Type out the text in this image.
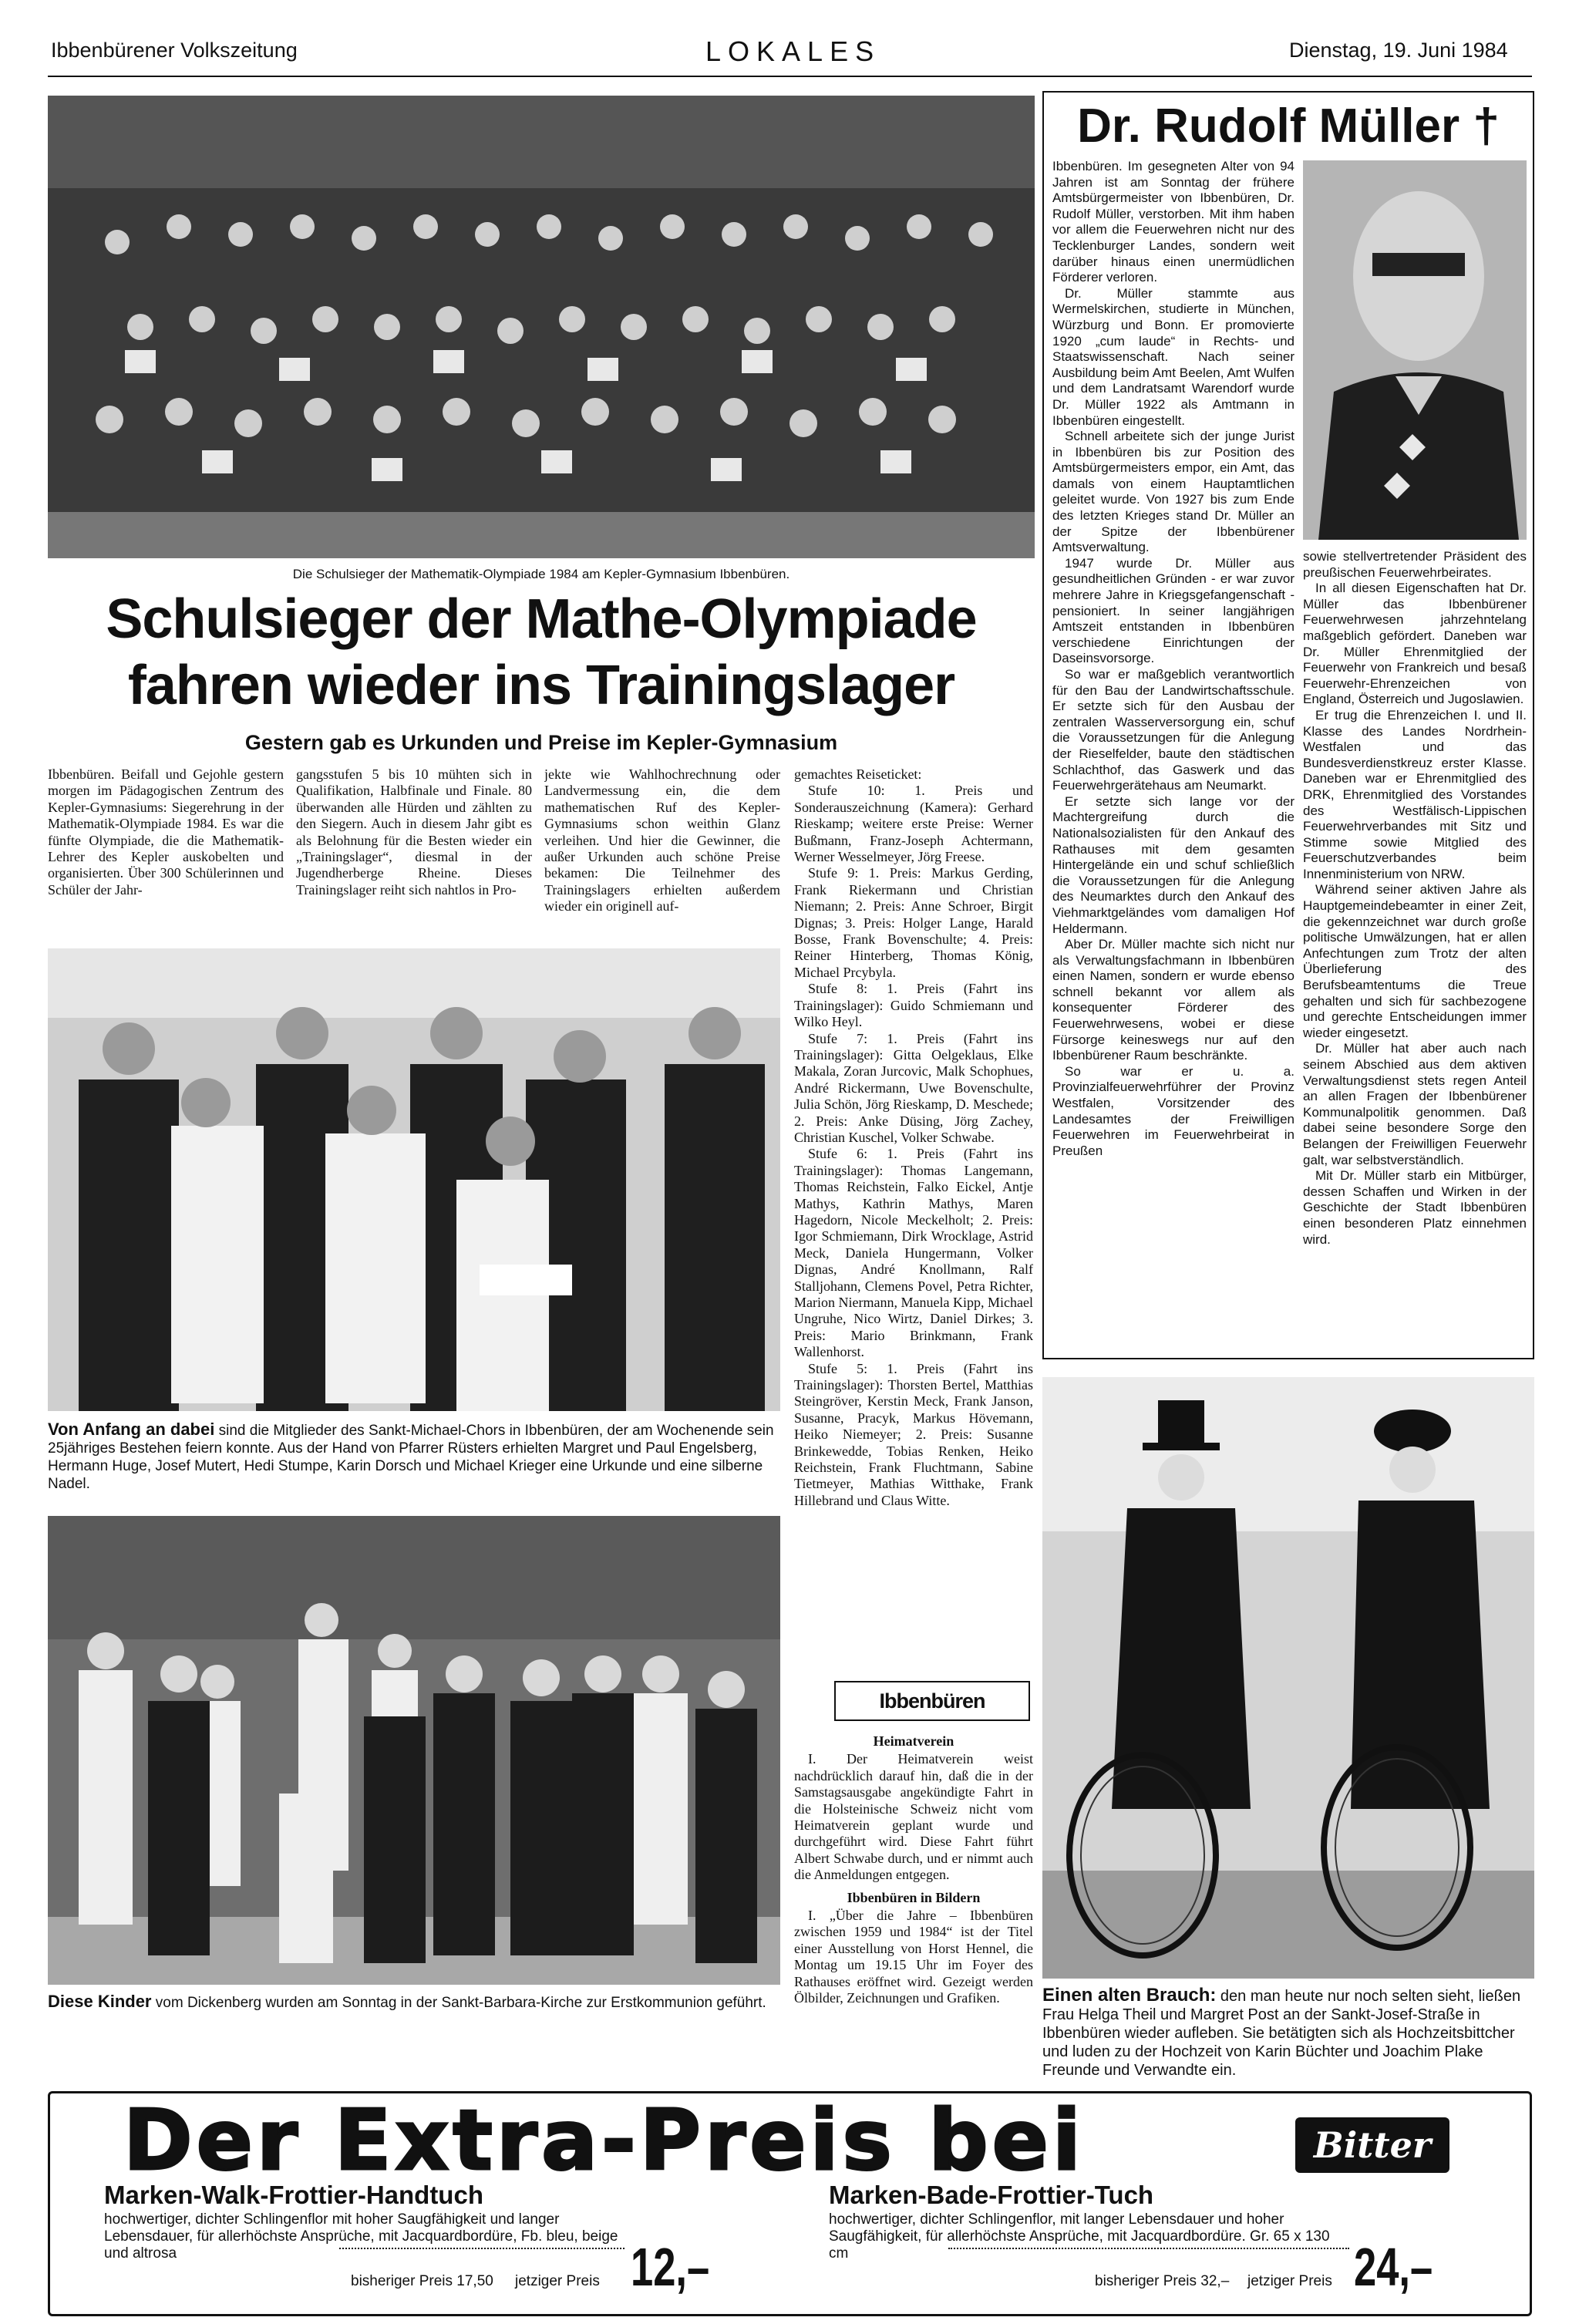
Ibbenbürener Volkszeitung	LOKALES	Dienstag, 19. Juni 1984
Die Schulsieger der Mathematik-Olympiade 1984 am Kepler-Gymnasium Ibbenbüren.
Schulsieger der Mathe-Olympiade
fahren wieder ins Trainingslager
Gestern gab es Urkunden und Preise im Kepler-Gymnasium
Ibbenbüren. Beifall und Gejohle gestern morgen im Pädagogischen Zentrum des Kepler-Gymnasiums: Siegerehrung in der Mathematik-Olympiade 1984. Es war die fünfte Olympiade, die die Mathematik-Lehrer des Kepler auskobelten und organisierten. Über 300 Schülerinnen und Schüler der Jahr-
gangsstufen 5 bis 10 mühten sich in Qualifikation, Halbfinale und Finale. 80 überwanden alle Hürden und zählten zu den Siegern. Auch in diesem Jahr gibt es als Belohnung für die Besten wieder ein „Trainingslager“, diesmal in der Jugendherberge Rheine. Dieses Trainingslager reiht sich nahtlos in Pro-
jekte wie Wahlhochrechnung oder Landvermessung ein, die dem mathematischen Ruf des Kepler-Gymnasiums schon weithin Glanz verleihen. Und hier die Gewinner, die außer Urkunden auch schöne Preise bekamen: Die Teilnehmer des Trainingslagers erhielten außerdem wieder ein originell auf-
Von Anfang an dabei sind die Mitglieder des Sankt-Michael-Chors in Ibbenbüren, der am Wochenende sein 25jähriges Bestehen feiern konnte. Aus der Hand von Pfarrer Rüsters erhielten Margret und Paul Engelsberg, Hermann Huge, Josef Mutert, Hedi Stumpe, Karin Dorsch und Michael Krieger eine Urkunde und eine silberne Nadel.
Diese Kinder vom Dickenberg wurden am Sonntag in der Sankt-Barbara-Kirche zur Erstkommunion geführt.

gemachtes Reiseticket:

Stufe 10: 1. Preis und Sonderauszeichnung (Kamera): Gerhard Rieskamp; weitere erste Preise: Werner Bußmann, Franz-Joseph Achtermann, Werner Wesselmeyer, Jörg Freese.

Stufe 9: 1. Preis: Markus Gerding, Frank Riekermann und Christian Niemann; 2. Preis: Anne Schroer, Birgit Dignas; 3. Preis: Holger Lange, Harald Bosse, Frank Bovenschulte; 4. Preis: Reiner Hinterberg, Thomas König, Michael Prcybyla.

Stufe 8: 1. Preis (Fahrt ins Trainingslager): Guido Schmiemann und Wilko Heyl.

Stufe 7: 1. Preis (Fahrt ins Trainingslager): Gitta Oelgeklaus, Elke Makala, Zoran Jurcovic, Malk Schophues, André Rickermann, Uwe Bovenschulte, Julia Schön, Jörg Rieskamp, D. Meschede; 2. Preis: Anke Düsing, Jörg Zachey, Christian Kuschel, Volker Schwabe.

Stufe 6: 1. Preis (Fahrt ins Trainingslager): Thomas Langemann, Thomas Reichstein, Falko Eickel, Antje Mathys, Kathrin Mathys, Maren Hagedorn, Nicole Meckelholt; 2. Preis: Igor Schmiemann, Dirk Wrocklage, Astrid Meck, Daniela Hungermann, Volker Dignas, André Knollmann, Ralf Stalljohann, Clemens Povel, Petra Richter, Marion Niermann, Manuela Kipp, Michael Ungruhe, Nico Wirtz, Daniel Dirkes; 3. Preis: Mario Brinkmann, Frank Wallenhorst.

Stufe 5: 1. Preis (Fahrt ins Trainingslager): Thorsten Bertel, Matthias Steingröver, Kerstin Meck, Frank Janson, Susanne, Pracyk, Markus Hövemann, Heiko Niemeyer; 2. Preis: Susanne Brinkewedde, Tobias Renken, Heiko Reichstein, Frank Fluchtmann, Sabine Tietmeyer, Mathias Witthake, Frank Hillebrand und Claus Witte.

Ibbenbüren
Heimatverein

I. Der Heimatverein weist nachdrücklich darauf hin, daß die in der Samstagsausgabe angekündigte Fahrt in die Holsteinische Schweiz nicht vom Heimatverein geplant wurde und durchgeführt wird. Diese Fahrt führt Albert Schwabe durch, und er nimmt auch die Anmeldungen entgegen.

Ibbenbüren in Bildern

I. „Über die Jahre – Ibbenbüren zwischen 1959 und 1984“ ist der Titel einer Ausstellung von Horst Hennel, die Montag um 19.15 Uhr im Foyer des Rathauses eröffnet wird. Gezeigt werden Ölbilder, Zeichnungen und Grafiken.

Dr. Rudolf Müller †

Ibbenbüren. Im gesegneten Alter von 94 Jahren ist am Sonntag der frühere Amtsbürgermeister von Ibbenbüren, Dr. Rudolf Müller, verstorben. Mit ihm haben vor allem die Feuerwehren nicht nur des Tecklenburger Landes, sondern weit darüber hinaus einen unermüdlichen Förderer verloren.

Dr. Müller stammte aus Wermelskirchen, studierte in München, Würzburg und Bonn. Er promovierte 1920 „cum laude“ in Rechts- und Staatswissenschaft. Nach seiner Ausbildung beim Amt Beelen, Amt Wulfen und dem Landratsamt Warendorf wurde Dr. Müller 1922 als Amtmann in Ibbenbüren eingestellt.

Schnell arbeitete sich der junge Jurist in Ibbenbüren bis zur Position des Amtsbürgermeisters empor, ein Amt, das damals von einem Hauptamtlichen geleitet wurde. Von 1927 bis zum Ende des letzten Krieges stand Dr. Müller an der Spitze der Ibbenbürener Amtsverwaltung.

1947 wurde Dr. Müller aus gesundheitlichen Gründen - er war zuvor mehrere Jahre in Kriegsgefangenschaft - pensioniert. In seiner langjährigen Amtszeit entstanden in Ibbenbüren verschiedene Einrichtungen der Daseinsvorsorge.

So war er maßgeblich verantwortlich für den Bau der Landwirtschaftsschule. Er setzte sich für den Ausbau der zentralen Wasserversorgung ein, schuf die Voraussetzungen für die Anlegung der Rieselfelder, baute den städtischen Schlachthof, das Gaswerk und das Feuerwehrgerätehaus am Neumarkt.

Er setzte sich lange vor der Machtergreifung durch die Nationalsozialisten für den Ankauf des Rathauses mit dem gesamten Hintergelände ein und schuf schließlich die Voraussetzungen für die Anlegung des Neumarktes durch den Ankauf des Viehmarktgeländes vom damaligen Hof Heldermann.

Aber Dr. Müller machte sich nicht nur als Verwaltungsfachmann in Ibbenbüren einen Namen, sondern er wurde ebenso schnell bekannt vor allem als konsequenter Förderer des Feuerwehrwesens, wobei er diese Fürsorge keineswegs nur auf den Ibbenbürener Raum beschränkte.

So war er u. a. Provinzialfeuerwehrführer der Provinz Westfalen, Vorsitzender des Landesamtes der Freiwilligen Feuerwehren im Feuerwehrbeirat in Preußen

sowie stellvertretender Präsident des preußischen Feuerwehrbeirates.

In all diesen Eigenschaften hat Dr. Müller das Ibbenbürener Feuerwehrwesen jahrzehntelang maßgeblich gefördert. Daneben war Dr. Müller Ehrenmitglied der Feuerwehr von Frankreich und besaß Feuerwehr-Ehrenzeichen von England, Österreich und Jugoslawien.

Er trug die Ehrenzeichen I. und II. Klasse des Landes Nordrhein-Westfalen und das Bundesverdienstkreuz erster Klasse. Daneben war er Ehrenmitglied des DRK, Ehrenmitglied des Vorstandes des Westfälisch-Lippischen Feuerwehrverbandes mit Sitz und Stimme sowie Mitglied des Feuerschutzverbandes beim Innenministerium von NRW.

Während seiner aktiven Jahre als Hauptgemeindebeamter in einer Zeit, die gekennzeichnet war durch große politische Umwälzungen, hat er allen Anfechtungen zum Trotz der alten Überlieferung des Berufsbeamtentums die Treue gehalten und sich für sachbezogene und gerechte Entscheidungen immer wieder eingesetzt.

Dr. Müller hat aber auch nach seinem Abschied aus dem aktiven Verwaltungsdienst stets regen Anteil an allen Fragen der Ibbenbürener Kommunalpolitik genommen. Daß dabei seine besondere Sorge den Belangen der Freiwilligen Feuerwehr galt, war selbstverständlich.

Mit Dr. Müller starb ein Mitbürger, dessen Schaffen und Wirken in der Geschichte der Stadt Ibbenbüren einen besonderen Platz einnehmen wird.

Einen alten Brauch: den man heute nur noch selten sieht, ließen Frau Helga Theil und Margret Post an der Sankt-Josef-Straße in Ibbenbüren wieder aufleben. Sie betätigten sich als Hochzeitsbittcher und luden zu der Hochzeit von Karin Büchter und Joachim Plake Freunde und Verwandte ein.
Der Extra-Preis bei	Bitter
Marken-Walk-Frottier-Handtuch
hochwertiger, dichter Schlingenflor mit hoher Saugfähigkeit und langer Lebensdauer, für allerhöchste Ansprüche, mit Jacquardbordüre, Fb. bleu, beige und altrosa
bisheriger Preis 17,50 jetziger Preis 12,–
Marken-Bade-Frottier-Tuch
hochwertiger, dichter Schlingenflor, mit langer Lebensdauer und hoher Saugfähigkeit, für allerhöchste Ansprüche, mit Jacquardbordüre. Gr. 65 x 130 cm
bisheriger Preis 32,– jetziger Preis 24,–
